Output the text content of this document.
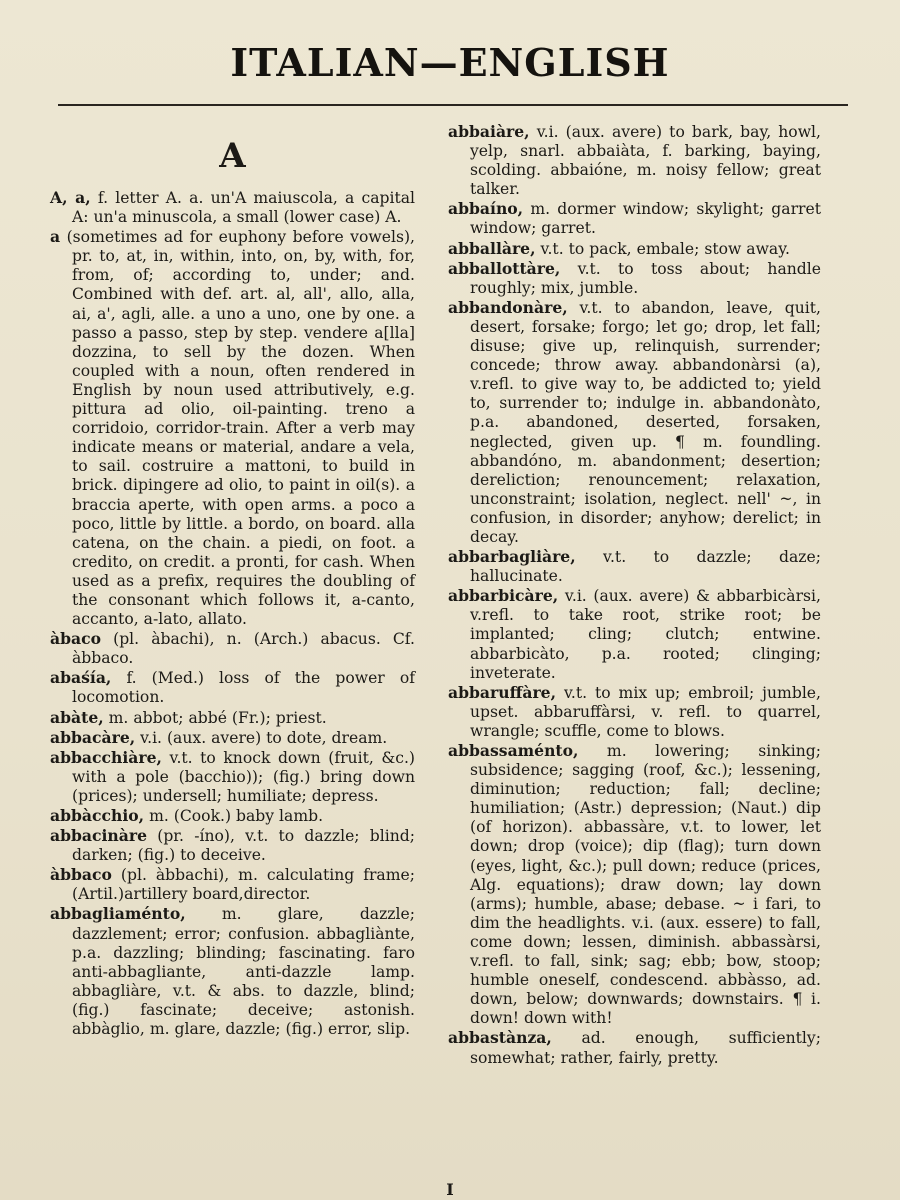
ITALIAN—ENGLISH
A

A, a, f. letter A. a. un'A maiuscola, a capital A: un'a minuscola, a small (lower case) A.

a (sometimes ad for euphony before vowels), pr. to, at, in, within, into, on, by, with, for, from, of; according to, under; and. Combined with def. art. al, all', allo, alla, ai, a', agli, alle. a uno a uno, one by one. a passo a passo, step by step. vendere a[lla] dozzina, to sell by the dozen. When coupled with a noun, often rendered in English by noun used attributively, e.g. pittura ad olio, oil-painting. treno a corridoio, corridor-train. After a verb may indicate means or material, andare a vela, to sail. costruire a mattoni, to build in brick. dipingere ad olio, to paint in oil(s). a braccia aperte, with open arms. a poco a poco, little by little. a bordo, on board. alla catena, on the chain. a piedi, on foot. a credito, on credit. a pronti, for cash. When used as a prefix, requires the doubling of the consonant which follows it, a-canto, accanto, a-lato, allato.

àbaco (pl. àbachi), n. (Arch.) abacus. Cf. àbbaco.

abaśía, f. (Med.) loss of the power of locomotion.

abàte, m. abbot; abbé (Fr.); priest.

abbacàre, v.i. (aux. avere) to dote, dream.

abbacchiàre, v.t. to knock down (fruit, &c.) with a pole (bacchio)); (fig.) bring down (prices); undersell; humiliate; depress.

abbàcchio, m. (Cook.) baby lamb.

abbacinàre (pr. -íno), v.t. to dazzle; blind; darken; (fig.) to deceive.

àbbaco (pl. àbbachi), m. calculating frame;(Artil.)artillery board,director.

abbagliaménto, m. glare, dazzle; dazzlement; error; confusion. abbagliànte, p.a. dazzling; blinding; fascinating. faro anti-abbagliante, anti-dazzle lamp. abbagliàre, v.t. & abs. to dazzle, blind; (fig.) fascinate; deceive; astonish. abbàglio, m. glare, dazzle; (fig.) error, slip.

abbaiàre, v.i. (aux. avere) to bark, bay, howl, yelp, snarl. abbaiàta, f. barking, baying, scolding. abbaióne, m. noisy fellow; great talker.

abbaíno, m. dormer window; skylight; garret window; garret.

abballàre, v.t. to pack, embale; stow away.

abballottàre, v.t. to toss about; handle roughly; mix, jumble.

abbandonàre, v.t. to abandon, leave, quit, desert, forsake; forgo; let go; drop, let fall; disuse; give up, relinquish, surrender; concede; throw away. abbandonàrsi (a), v.refl. to give way to, be addicted to; yield to, surrender to; indulge in. abbandonàto, p.a. abandoned, deserted, forsaken, neglected, given up. ¶ m. foundling. abbandóno, m. abandonment; desertion; dereliction; renouncement; relaxation, unconstraint; isolation, neglect. nell' ~, in confusion, in disorder; anyhow; derelict; in decay.

abbarbagliàre, v.t. to dazzle; daze; hallucinate.

abbarbicàre, v.i. (aux. avere) & abbarbicàrsi, v.refl. to take root, strike root; be implanted; cling; clutch; entwine. abbarbicàto, p.a. rooted; clinging; inveterate.

abbaruffàre, v.t. to mix up; embroil; jumble, upset. abbaruffàrsi, v. refl. to quarrel, wrangle; scuffle, come to blows.

abbassaménto, m. lowering; sinking; subsidence; sagging (roof, &c.); lessening, diminution; reduction; fall; decline; humiliation; (Astr.) depression; (Naut.) dip (of horizon). abbassàre, v.t. to lower, let down; drop (voice); dip (flag); turn down (eyes, light, &c.); pull down; reduce (prices, Alg. equations); draw down; lay down (arms); humble, abase; debase. ~ i fari, to dim the headlights. v.i. (aux. essere) to fall, come down; lessen, diminish. abbassàrsi, v.refl. to fall, sink; sag; ebb; bow, stoop; humble oneself, condescend. abbàsso, ad. down, below; downwards; downstairs. ¶ i. down! down with!

abbastànza, ad. enough, sufficiently; somewhat; rather, fairly, pretty.

I
